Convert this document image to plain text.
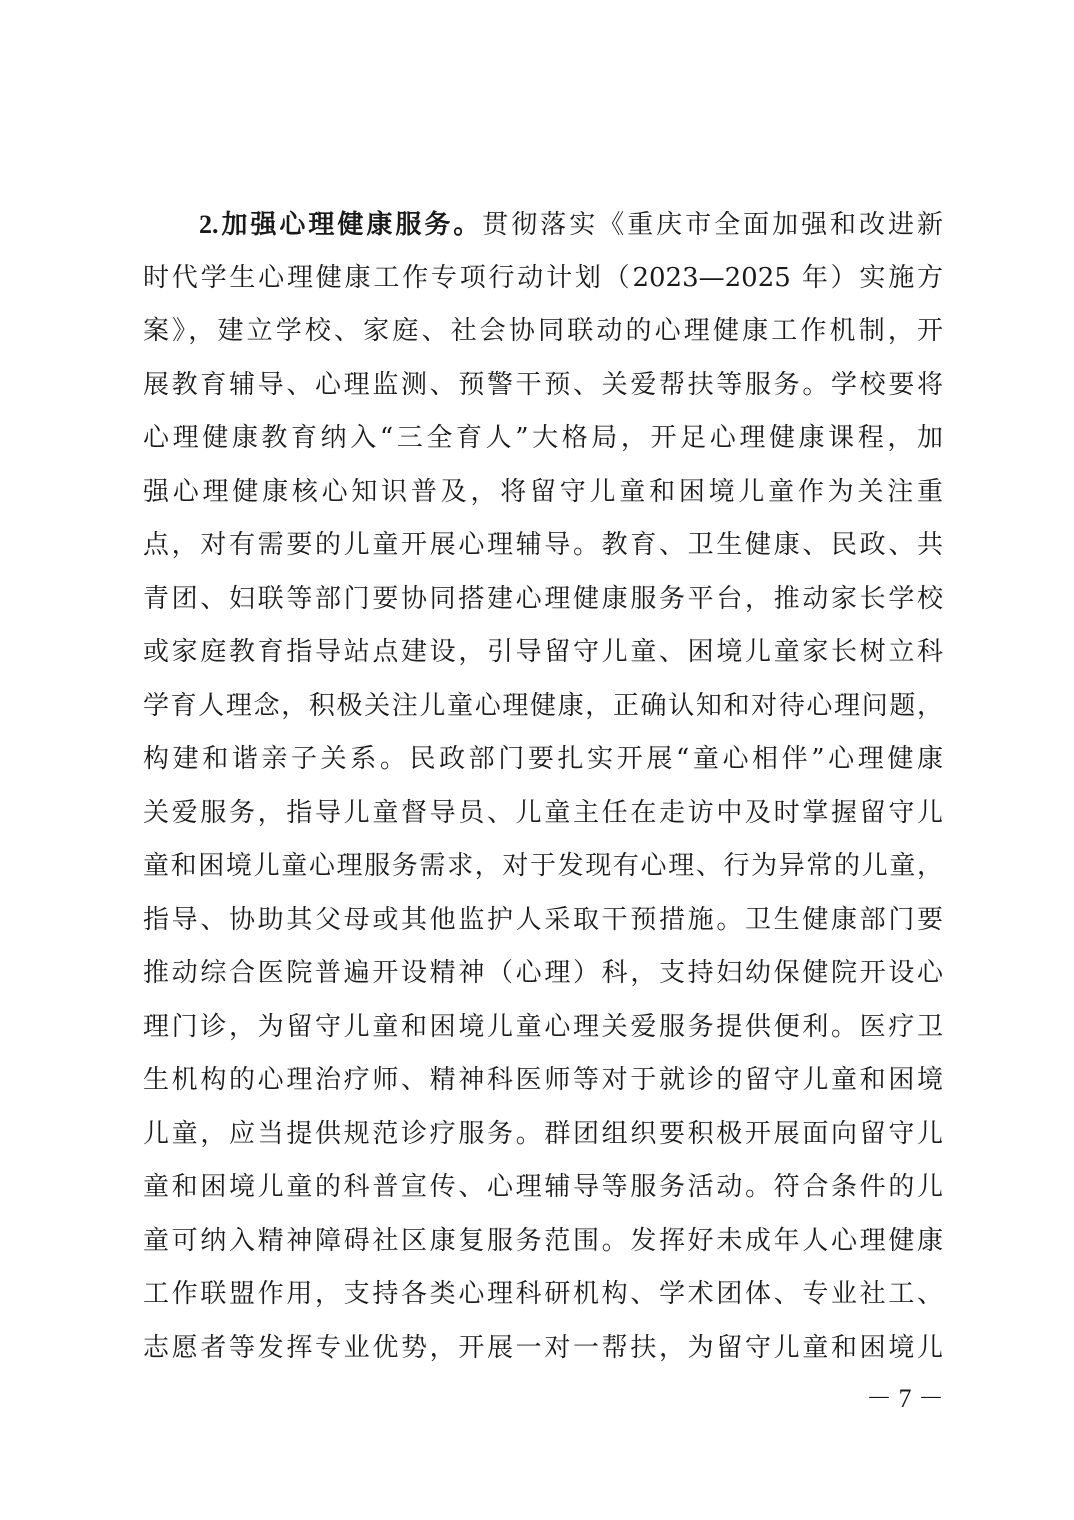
2.加强心理健康服务。贯彻落实《重庆市全面加强和改进新
时代学生心理健康工作专项行动计划（2023—2025 年）实施方
案》，建立学校、家庭、社会协同联动的心理健康工作机制，开
展教育辅导、心理监测、预警干预、关爱帮扶等服务。学校要将
心理健康教育纳入“三全育人”大格局，开足心理健康课程，加
强心理健康核心知识普及，将留守儿童和困境儿童作为关注重
点，对有需要的儿童开展心理辅导。教育、卫生健康、民政、共
青团、妇联等部门要协同搭建心理健康服务平台，推动家长学校
或家庭教育指导站点建设，引导留守儿童、困境儿童家长树立科
学育人理念，积极关注儿童心理健康，正确认知和对待心理问题，
构建和谐亲子关系。民政部门要扎实开展“童心相伴”心理健康
关爱服务，指导儿童督导员、儿童主任在走访中及时掌握留守儿
童和困境儿童心理服务需求，对于发现有心理、行为异常的儿童，
指导、协助其父母或其他监护人采取干预措施。卫生健康部门要
推动综合医院普遍开设精神（心理）科，支持妇幼保健院开设心
理门诊，为留守儿童和困境儿童心理关爱服务提供便利。医疗卫
生机构的心理治疗师、精神科医师等对于就诊的留守儿童和困境
儿童，应当提供规范诊疗服务。群团组织要积极开展面向留守儿
童和困境儿童的科普宣传、心理辅导等服务活动。符合条件的儿
童可纳入精神障碍社区康复服务范围。发挥好未成年人心理健康
工作联盟作用，支持各类心理科研机构、学术团体、专业社工、
志愿者等发挥专业优势，开展一对一帮扶，为留守儿童和困境儿
－ 7 －
